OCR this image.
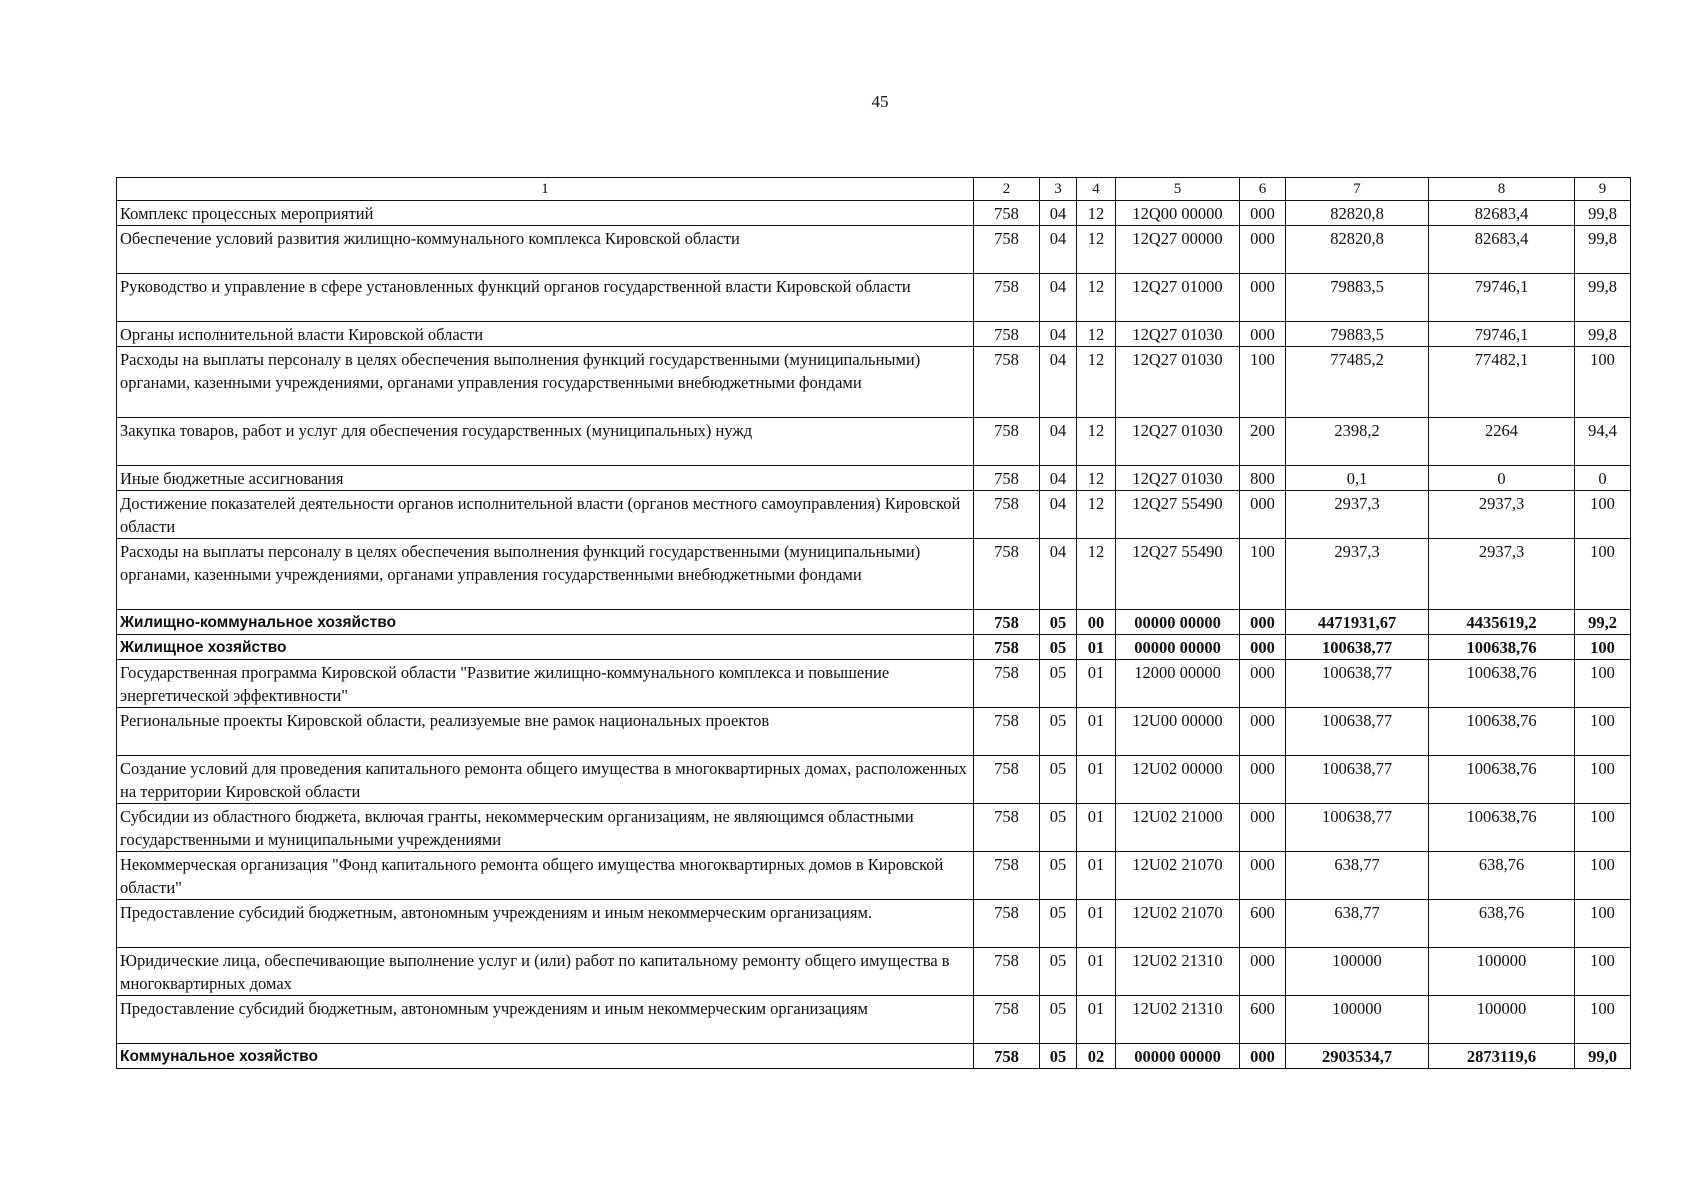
45
1	2	3	4	5	6	7	8	9
Комплекс процессных мероприятий	758	04	12	12Q00 00000	000	82820,8	82683,4	99,8
Обеспечение условий развития жилищно-коммунального комплекса Кировской области	758	04	12	12Q27 00000	000	82820,8	82683,4	99,8
Руководство и управление в сфере установленных функций органов государственной власти Кировской области	758	04	12	12Q27 01000	000	79883,5	79746,1	99,8
Органы исполнительной власти Кировской области	758	04	12	12Q27 01030	000	79883,5	79746,1	99,8
Расходы на выплаты персоналу в целях обеспечения выполнения функций государственными (муниципальными) органами, казенными учреждениями, органами управления государственными внебюджетными фондами	758	04	12	12Q27 01030	100	77485,2	77482,1	100
Закупка товаров, работ и услуг для обеспечения государственных (муниципальных) нужд	758	04	12	12Q27 01030	200	2398,2	2264	94,4
Иные бюджетные ассигнования	758	04	12	12Q27 01030	800	0,1	0	0
Достижение показателей деятельности органов исполнительной власти (органов местного самоуправления) Кировской области	758	04	12	12Q27 55490	000	2937,3	2937,3	100
Расходы на выплаты персоналу в целях обеспечения выполнения функций государственными (муниципальными) органами, казенными учреждениями, органами управления государственными внебюджетными фондами	758	04	12	12Q27 55490	100	2937,3	2937,3	100
Жилищно-коммунальное хозяйство	758	05	00	00000 00000	000	4471931,67	4435619,2	99,2
Жилищное хозяйство	758	05	01	00000 00000	000	100638,77	100638,76	100
Государственная программа Кировской области "Развитие жилищно-коммунального комплекса и повышение энергетической эффективности"	758	05	01	12000 00000	000	100638,77	100638,76	100
Региональные проекты Кировской области, реализуемые вне рамок национальных проектов	758	05	01	12U00 00000	000	100638,77	100638,76	100
Создание условий для проведения капитального ремонта общего имущества в многоквартирных домах, расположенных на территории Кировской области	758	05	01	12U02 00000	000	100638,77	100638,76	100
Субсидии из областного бюджета, включая гранты, некоммерческим организациям, не являющимся областными государственными и муниципальными учреждениями	758	05	01	12U02 21000	000	100638,77	100638,76	100
Некоммерческая организация "Фонд капитального ремонта общего имущества многоквартирных домов в Кировской области"	758	05	01	12U02 21070	000	638,77	638,76	100
Предоставление субсидий бюджетным, автономным учреждениям и иным некоммерческим организациям.	758	05	01	12U02 21070	600	638,77	638,76	100
Юридические лица, обеспечивающие выполнение услуг и (или) работ по капитальному ремонту общего имущества в многоквартирных домах	758	05	01	12U02 21310	000	100000	100000	100
Предоставление субсидий бюджетным, автономным учреждениям и иным некоммерческим организациям	758	05	01	12U02 21310	600	100000	100000	100
Коммунальное хозяйство	758	05	02	00000 00000	000	2903534,7	2873119,6	99,0
